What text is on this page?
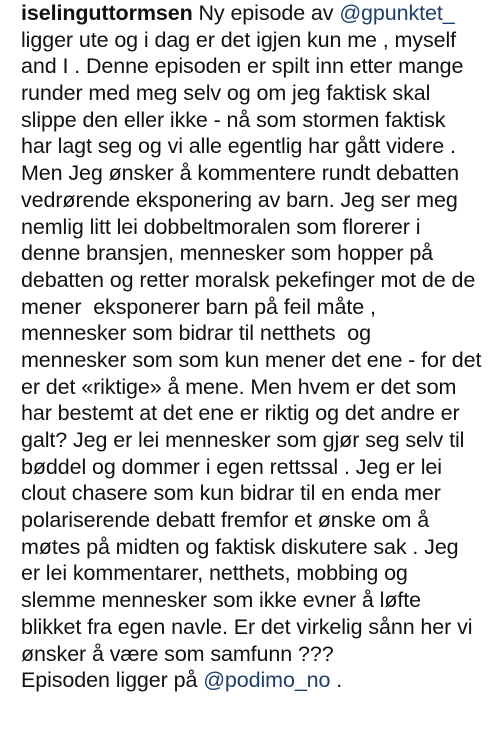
iselinguttormsen Ny episode av @gpunktet_
ligger ute og i dag er det igjen kun me , myself
and I . Denne episoden er spilt inn etter mange
runder med meg selv og om jeg faktisk skal
slippe den eller ikke - nå som stormen faktisk
har lagt seg og vi alle egentlig har gått videre .
Men Jeg ønsker å kommentere rundt debatten
vedrørende eksponering av barn. Jeg ser meg
nemlig litt lei dobbeltmoralen som florerer i
denne bransjen, mennesker som hopper på
debatten og retter moralsk pekefinger mot de de
mener  eksponerer barn på feil måte ,
mennesker som bidrar til netthets  og
mennesker som som kun mener det ene - for det
er det «riktige» å mene. Men hvem er det som
har bestemt at det ene er riktig og det andre er
galt? Jeg er lei mennesker som gjør seg selv til
bøddel og dommer i egen rettssal . Jeg er lei
clout chasere som kun bidrar til en enda mer
polariserende debatt fremfor et ønske om å
møtes på midten og faktisk diskutere sak . Jeg
er lei kommentarer, netthets, mobbing og
slemme mennesker som ikke evner å løfte
blikket fra egen navle. Er det virkelig sånn her vi
ønsker å være som samfunn ???
Episoden ligger på @podimo_no .
